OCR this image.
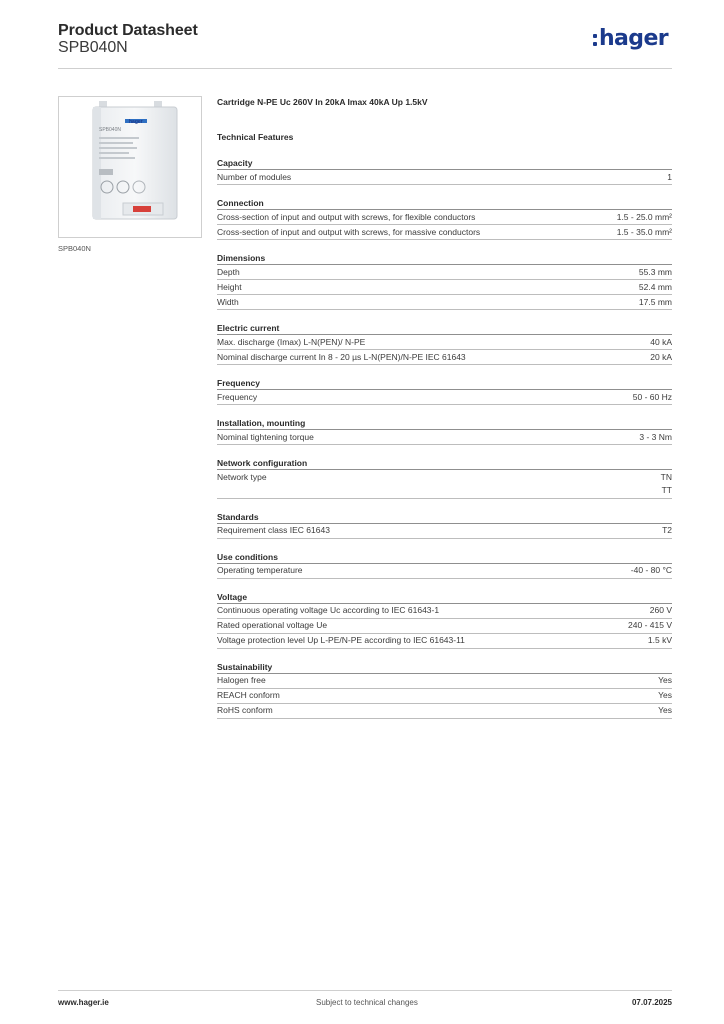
Product Datasheet
SPB040N	hager
hager
SPB040N
SPB040N
Cartridge N-PE Uc 260V In 20kA Imax 40kA Up 1.5kV
Technical Features
Capacity
Number of modules	1
Connection
Cross-section of input and output with screws, for flexible conductors	1.5 - 25.0 mm²
Cross-section of input and output with screws, for massive conductors	1.5 - 35.0 mm²
Dimensions
Depth	55.3 mm
Height	52.4 mm
Width	17.5 mm
Electric current
Max. discharge (Imax) L-N(PEN)/ N-PE	40 kA
Nominal discharge current In 8 - 20 µs L-N(PEN)/N-PE IEC 61643	20 kA
Frequency
Frequency	50 - 60 Hz
Installation, mounting
Nominal tightening torque	3 - 3 Nm
Network configuration
Network type	TN
TT
Standards
Requirement class IEC 61643	T2
Use conditions
Operating temperature	-40 - 80 °C
Voltage
Continuous operating voltage Uc according to IEC 61643-1	260 V
Rated operational voltage Ue	240 - 415 V
Voltage protection level Up L-PE/N-PE according to IEC 61643-11	1.5 kV
Sustainability
Halogen free	Yes
REACH conform	Yes
RoHS conform	Yes
www.hager.ie	Subject to technical changes	07.07.2025
